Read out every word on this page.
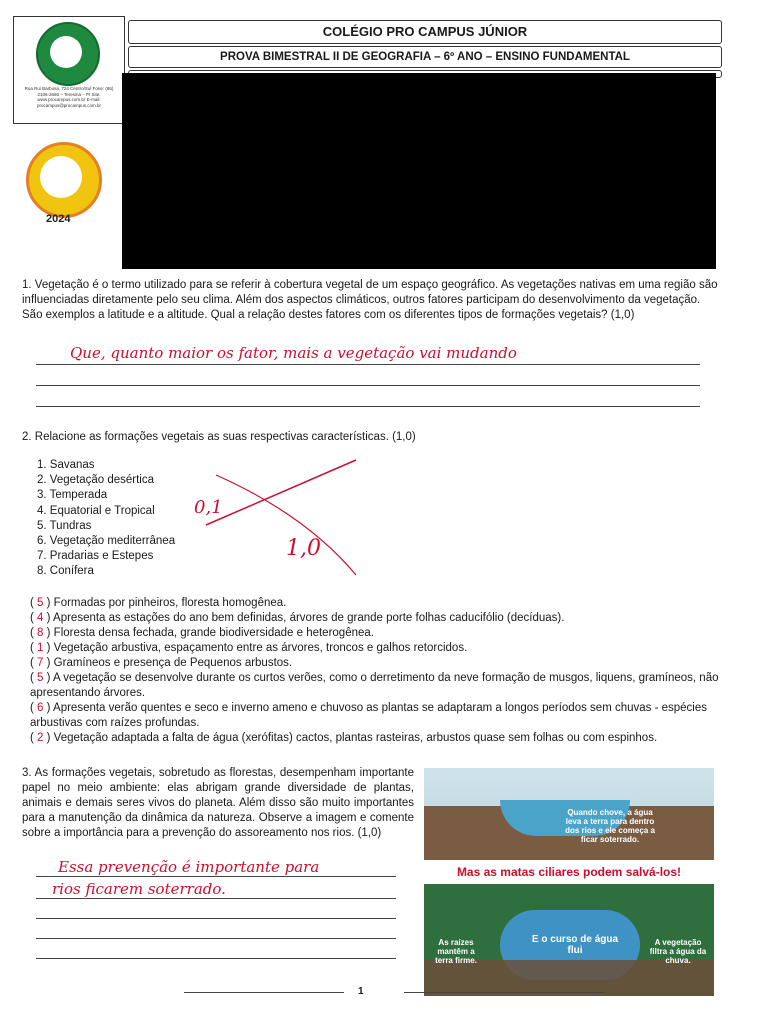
Rua Rui Barbosa, 724 Centro/Sul Fone: (86) 2106-2666 – Teresina – PI Site: www.procampus.com.br E-mail: procampus@procampus.com.br
2024
COLÉGIO PRO CAMPUS JÚNIOR
PROVA BIMESTRAL II DE GEOGRAFIA – 6º ANO – ENSINO FUNDAMENTAL
1. Vegetação é o termo utilizado para se referir à cobertura vegetal de um espaço geográfico. As vegetações nativas em uma região são influenciadas diretamente pelo seu clima. Além dos aspectos climáticos, outros fatores participam do desenvolvimento da vegetação. São exemplos a latitude e a altitude. Qual a relação destes fatores com os diferentes tipos de formações vegetais? (1,0)
Que, quanto maior os fator, mais a vegetação vai mudando
2. Relacione as formações vegetais as suas respectivas características. (1,0)
1. Savanas
2. Vegetação desértica
3. Temperada
4. Equatorial e Tropical
5. Tundras
6. Vegetação mediterrânea
7. Pradarias e Estepes
8. Conífera
0,1
1,0
( 5 ) Formadas por pinheiros, floresta homogênea.
( 4 ) Apresenta as estações do ano bem definidas, árvores de grande porte folhas caducifólio (decíduas).
( 8 ) Floresta densa fechada, grande biodiversidade e heterogênea.
( 1 ) Vegetação arbustiva, espaçamento entre as árvores, troncos e galhos retorcidos.
( 7 ) Gramíneos e presença de Pequenos arbustos.
( 5 ) A vegetação se desenvolve durante os curtos verões, como o derretimento da neve formação de musgos, liquens, gramíneos, não apresentando árvores.
( 6 ) Apresenta verão quentes e seco e inverno ameno e chuvoso as plantas se adaptaram a longos períodos sem chuvas - espécies arbustivas com raízes profundas.
( 2 ) Vegetação adaptada a falta de água (xerófitas) cactos, plantas rasteiras, arbustos quase sem folhas ou com espinhos.
3. As formações vegetais, sobretudo as florestas, desempenham importante papel no meio ambiente: elas abrigam grande diversidade de plantas, animais e demais seres vivos do planeta. Além disso são muito importantes para a manutenção da dinâmica da natureza. Observe a imagem e comente sobre a importância para a prevenção do assoreamento nos rios. (1,0)
Essa prevenção é importante para
rios ficarem soterrado.
Quando chove, a água leva a terra para dentro dos rios e ele começa a ficar soterrado.
Mas as matas ciliares podem salvá-los!
As raízes mantêm a terra firme.
E o curso de água flui
A vegetação filtra a água da chuva.
1
